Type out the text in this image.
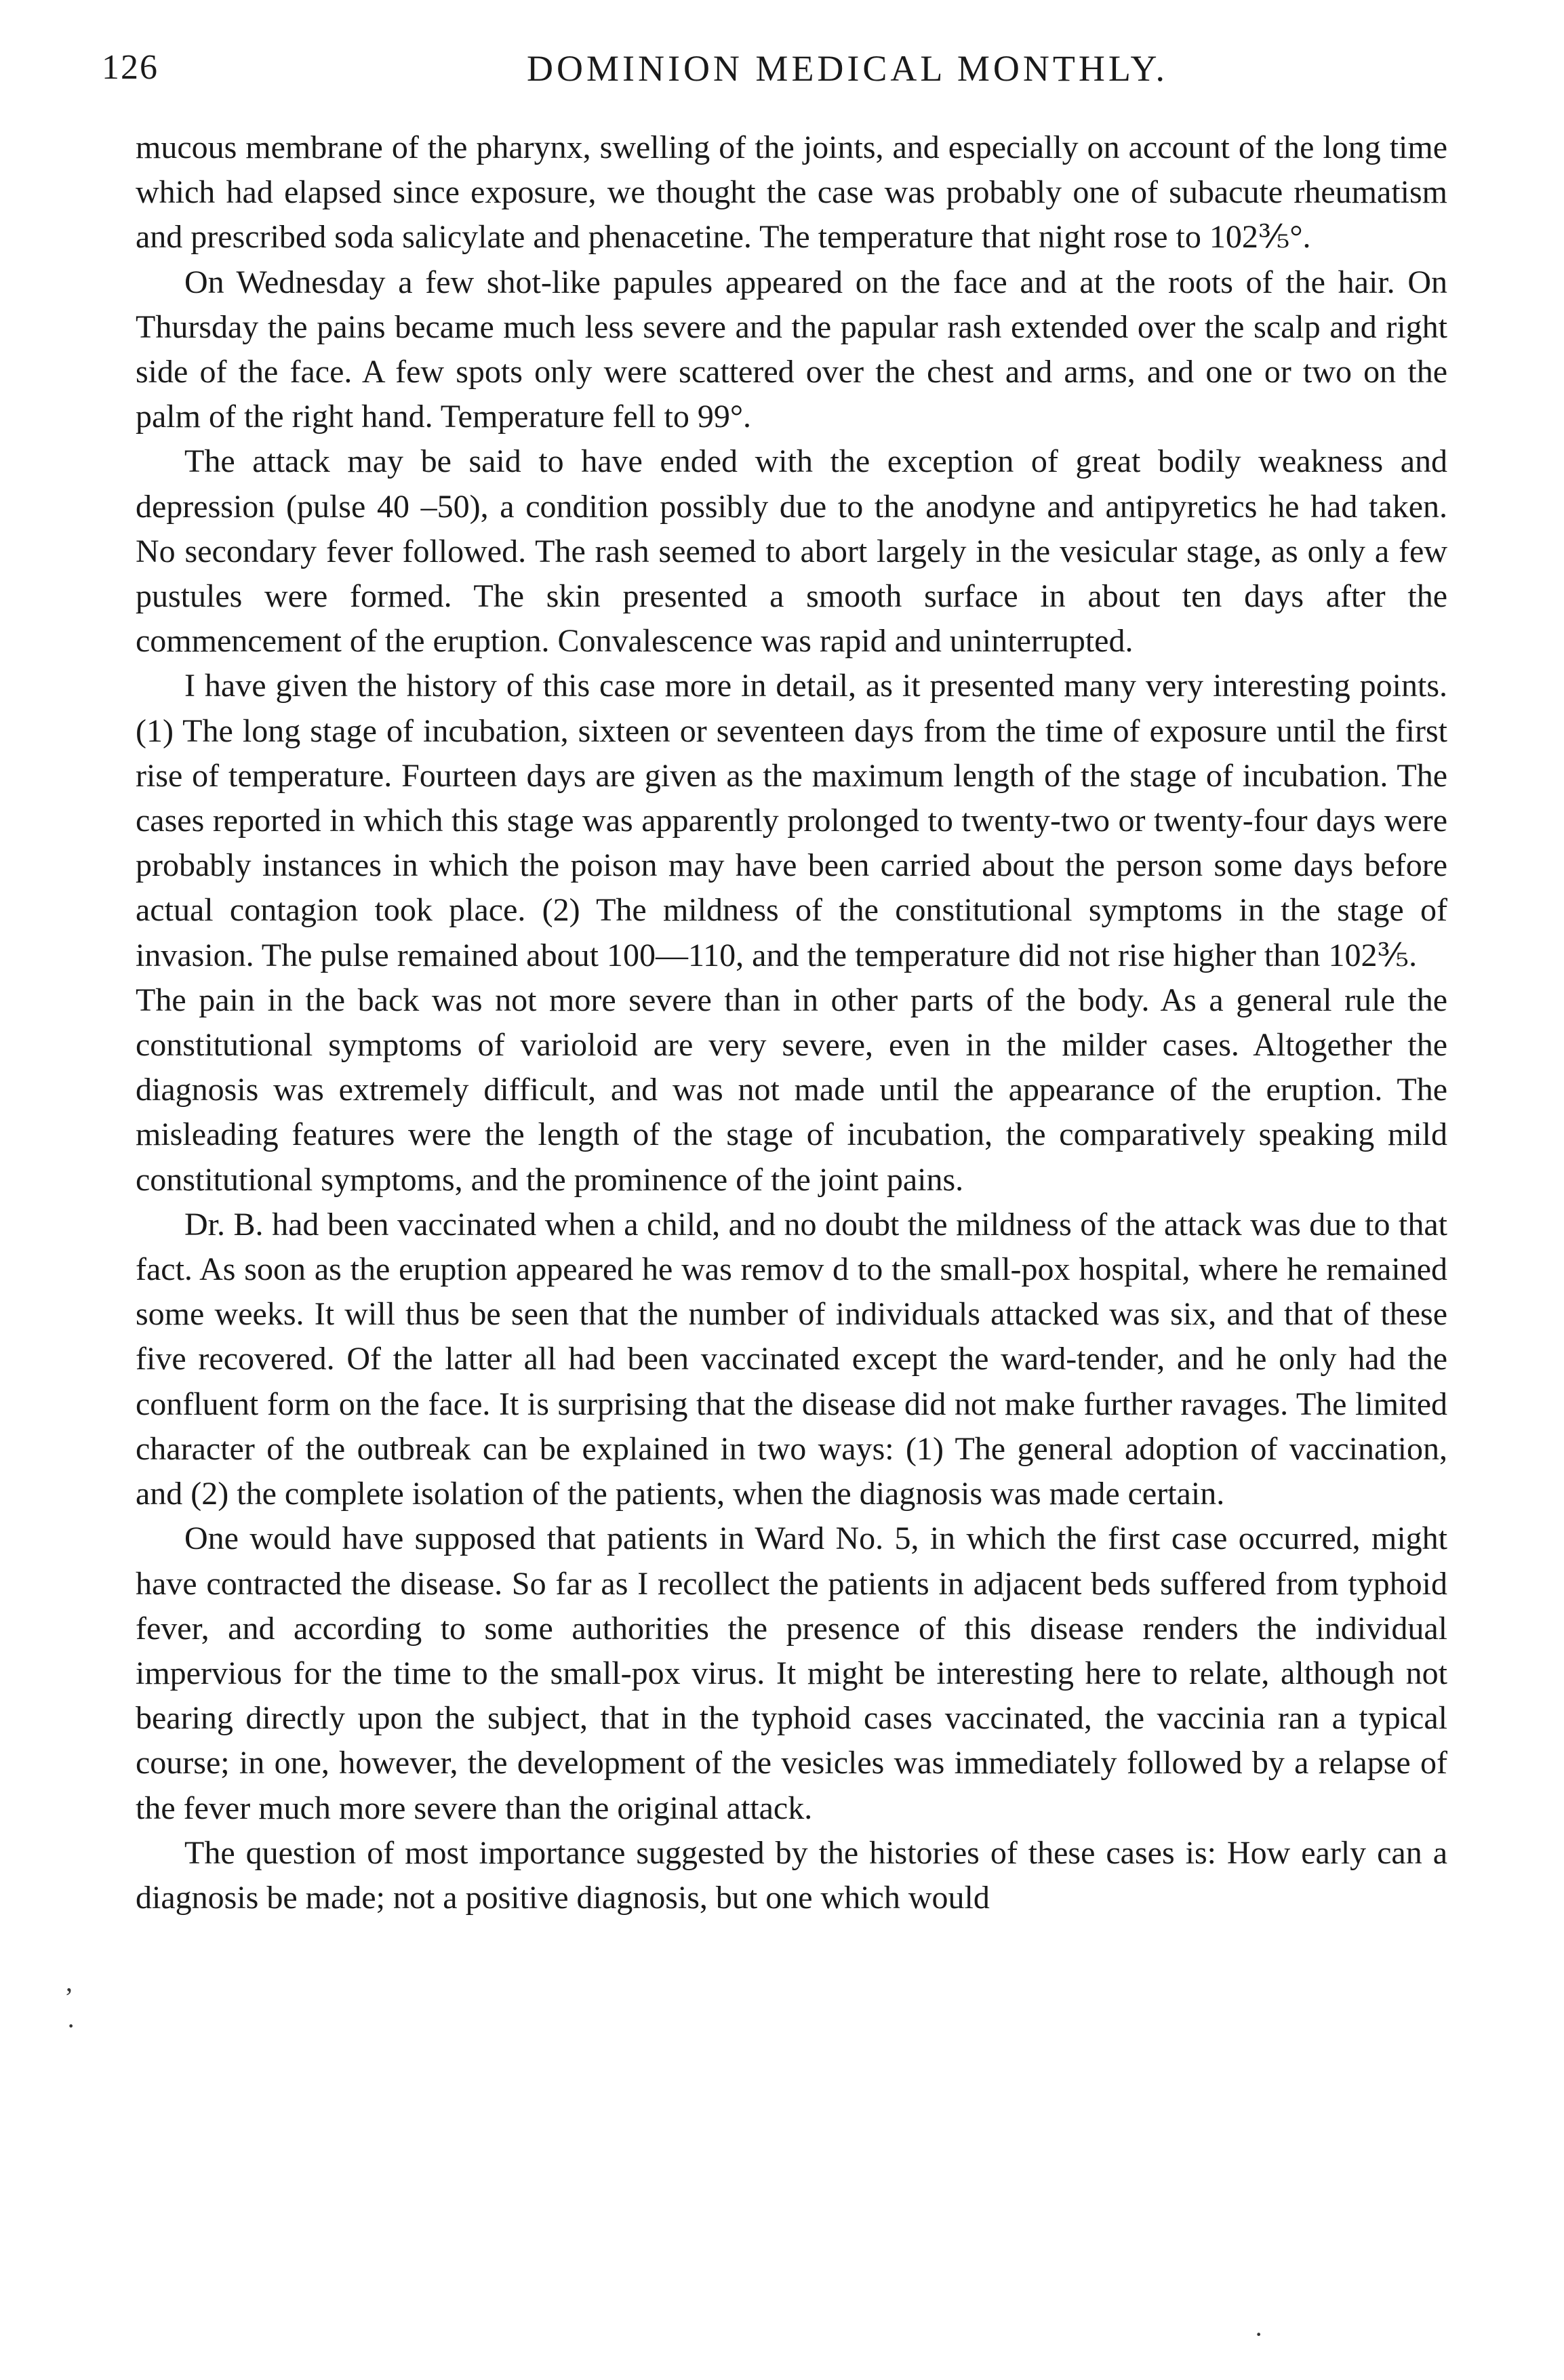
126	DOMINION MEDICAL MONTHLY.

mucous membrane of the pharynx, swelling of the joints, and especially on account of the long time which had elapsed since exposure, we thought the case was probably one of subacute rheumatism and prescribed soda salicylate and phenacetine. The temperature that night rose to 102⅗°.

On Wednesday a few shot-like papules appeared on the face and at the roots of the hair. On Thursday the pains became much less severe and the papular rash extended over the scalp and right side of the face. A few spots only were scattered over the chest and arms, and one or two on the palm of the right hand. Temperature fell to 99°.

The attack may be said to have ended with the exception of great bodily weakness and depression (pulse 40 –50), a condition possibly due to the anodyne and antipyretics he had taken. No secondary fever followed. The rash seemed to abort largely in the vesicular stage, as only a few pustules were formed. The skin presented a smooth surface in about ten days after the commencement of the eruption. Convalescence was rapid and uninterrupted.

I have given the history of this case more in detail, as it presented many very interesting points. (1) The long stage of incubation, sixteen or seventeen days from the time of exposure until the first rise of temperature. Fourteen days are given as the maximum length of the stage of incubation. The cases reported in which this stage was apparently prolonged to twenty-two or twenty-four days were probably instances in which the poison may have been carried about the person some days before actual contagion took place. (2) The mildness of the constitutional symptoms in the stage of invasion. The pulse remained about 100—110, and the temperature did not rise higher than 102⅗.

The pain in the back was not more severe than in other parts of the body. As a general rule the constitutional symptoms of varioloid are very severe, even in the milder cases. Altogether the diagnosis was extremely difficult, and was not made until the appearance of the eruption. The misleading features were the length of the stage of incubation, the comparatively speaking mild constitutional symptoms, and the prominence of the joint pains.

Dr. B. had been vaccinated when a child, and no doubt the mildness of the attack was due to that fact. As soon as the eruption appeared he was remov d to the small-pox hospital, where he remained some weeks. It will thus be seen that the number of individuals attacked was six, and that of these five recovered. Of the latter all had been vaccinated except the ward-tender, and he only had the confluent form on the face. It is surprising that the disease did not make further ravages. The limited character of the outbreak can be explained in two ways: (1) The general adoption of vaccination, and (2) the complete isolation of the patients, when the diagnosis was made certain.

One would have supposed that patients in Ward No. 5, in which the first case occurred, might have contracted the disease. So far as I recollect the patients in adjacent beds suffered from typhoid fever, and according to some authorities the presence of this disease renders the individual impervious for the time to the small-pox virus. It might be interesting here to relate, although not bearing directly upon the subject, that in the typhoid cases vaccinated, the vaccinia ran a typical course; in one, however, the development of the vesicles was immediately followed by a relapse of the fever much more severe than the original attack.

The question of most importance suggested by the histories of these cases is: How early can a diagnosis be made; not a positive diagnosis, but one which would

‚
·
·
